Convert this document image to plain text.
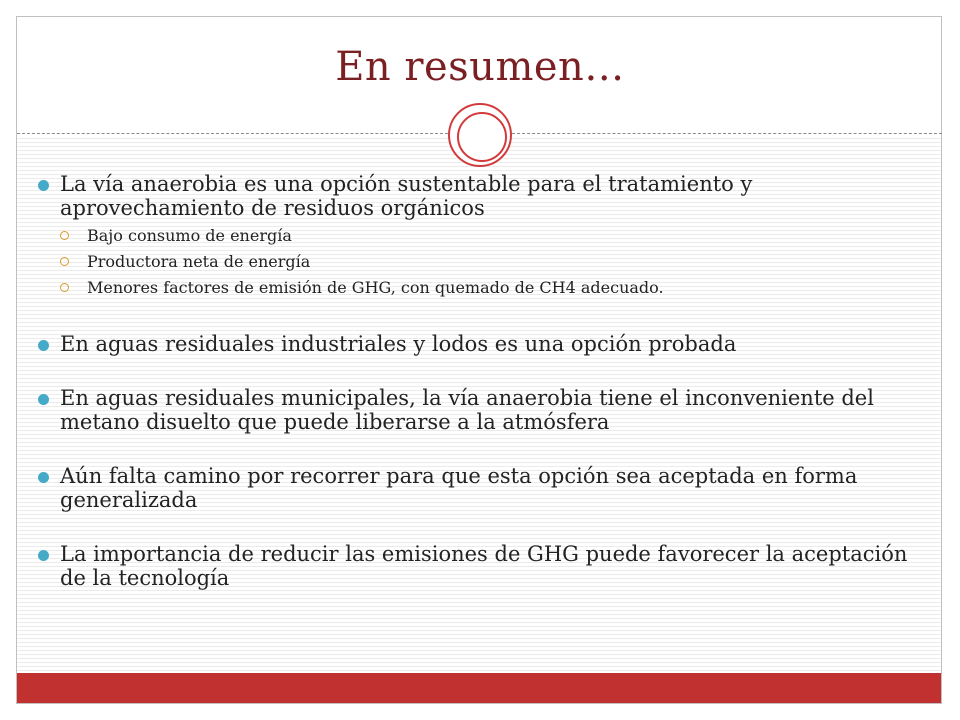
En resumen…
La vía anaerobia es una opción sustentable para el tratamiento y aprovechamiento de residuos orgánicos
Bajo consumo de energía
Productora neta de energía
Menores factores de emisión de GHG, con quemado de CH4 adecuado.
En aguas residuales industriales y lodos es una opción probada
En aguas residuales municipales, la vía anaerobia tiene el inconveniente del metano disuelto que puede liberarse a la atmósfera
Aún falta camino por recorrer para que esta opción sea aceptada en forma generalizada
La importancia de reducir las emisiones de GHG puede favorecer la aceptación de la tecnología
